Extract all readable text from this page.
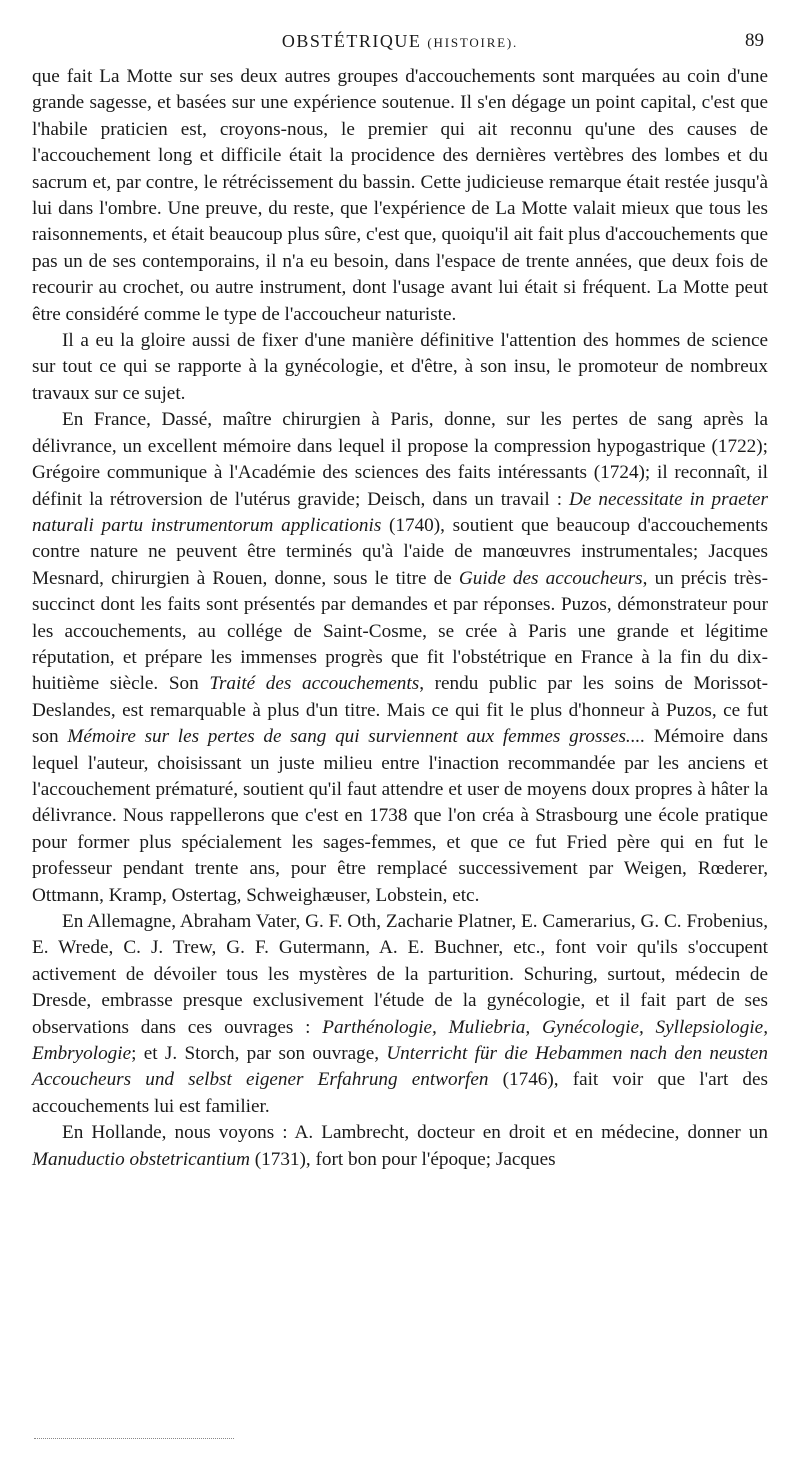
OBSTÉTRIQUE (HISTOIRE).	89

que fait La Motte sur ses deux autres groupes d'accouchements sont marquées au coin d'une grande sagesse, et basées sur une expérience soutenue. Il s'en dégage un point capital, c'est que l'habile praticien est, croyons-nous, le premier qui ait reconnu qu'une des causes de l'accouchement long et difficile était la procidence des dernières vertèbres des lombes et du sacrum et, par contre, le rétrécissement du bassin. Cette judicieuse remarque était restée jusqu'à lui dans l'ombre. Une preuve, du reste, que l'expérience de La Motte valait mieux que tous les raisonnements, et était beaucoup plus sûre, c'est que, quoiqu'il ait fait plus d'accouchements que pas un de ses contemporains, il n'a eu besoin, dans l'espace de trente années, que deux fois de recourir au crochet, ou autre instrument, dont l'usage avant lui était si fréquent. La Motte peut être considéré comme le type de l'accoucheur naturiste.

Il a eu la gloire aussi de fixer d'une manière définitive l'attention des hommes de science sur tout ce qui se rapporte à la gynécologie, et d'être, à son insu, le promoteur de nombreux travaux sur ce sujet.

En France, Dassé, maître chirurgien à Paris, donne, sur les pertes de sang après la délivrance, un excellent mémoire dans lequel il propose la compression hypogastrique (1722); Grégoire communique à l'Académie des sciences des faits intéressants (1724); il reconnaît, il définit la rétroversion de l'utérus gravide; Deisch, dans un travail : De necessitate in praeter naturali partu instrumentorum applicationis (1740), soutient que beaucoup d'accouchements contre nature ne peuvent être terminés qu'à l'aide de manœuvres instrumentales; Jacques Mesnard, chirurgien à Rouen, donne, sous le titre de Guide des accoucheurs, un précis très-succinct dont les faits sont présentés par demandes et par réponses. Puzos, démonstrateur pour les accouchements, au collége de Saint-Cosme, se crée à Paris une grande et légitime réputation, et prépare les immenses progrès que fit l'obstétrique en France à la fin du dix-huitième siècle. Son Traité des accouchements, rendu public par les soins de Morissot-Deslandes, est remarquable à plus d'un titre. Mais ce qui fit le plus d'honneur à Puzos, ce fut son Mémoire sur les pertes de sang qui surviennent aux femmes grosses.... Mémoire dans lequel l'auteur, choisissant un juste milieu entre l'inaction recommandée par les anciens et l'accouchement prématuré, soutient qu'il faut attendre et user de moyens doux propres à hâter la délivrance. Nous rappellerons que c'est en 1738 que l'on créa à Strasbourg une école pratique pour former plus spécialement les sages-femmes, et que ce fut Fried père qui en fut le professeur pendant trente ans, pour être remplacé successivement par Weigen, Rœderer, Ottmann, Kramp, Ostertag, Schweighæuser, Lobstein, etc.

En Allemagne, Abraham Vater, G. F. Oth, Zacharie Platner, E. Camerarius, G. C. Frobenius, E. Wrede, C. J. Trew, G. F. Gutermann, A. E. Buchner, etc., font voir qu'ils s'occupent activement de dévoiler tous les mystères de la parturition. Schuring, surtout, médecin de Dresde, embrasse presque exclusivement l'étude de la gynécologie, et il fait part de ses observations dans ces ouvrages : Parthénologie, Muliebria, Gynécologie, Syllepsiologie, Embryologie; et J. Storch, par son ouvrage, Unterricht für die Hebammen nach den neusten Accoucheurs und selbst eigener Erfahrung entworfen (1746), fait voir que l'art des accouchements lui est familier.

En Hollande, nous voyons : A. Lambrecht, docteur en droit et en médecine, donner un Manuductio obstetricantium (1731), fort bon pour l'époque; Jacques
